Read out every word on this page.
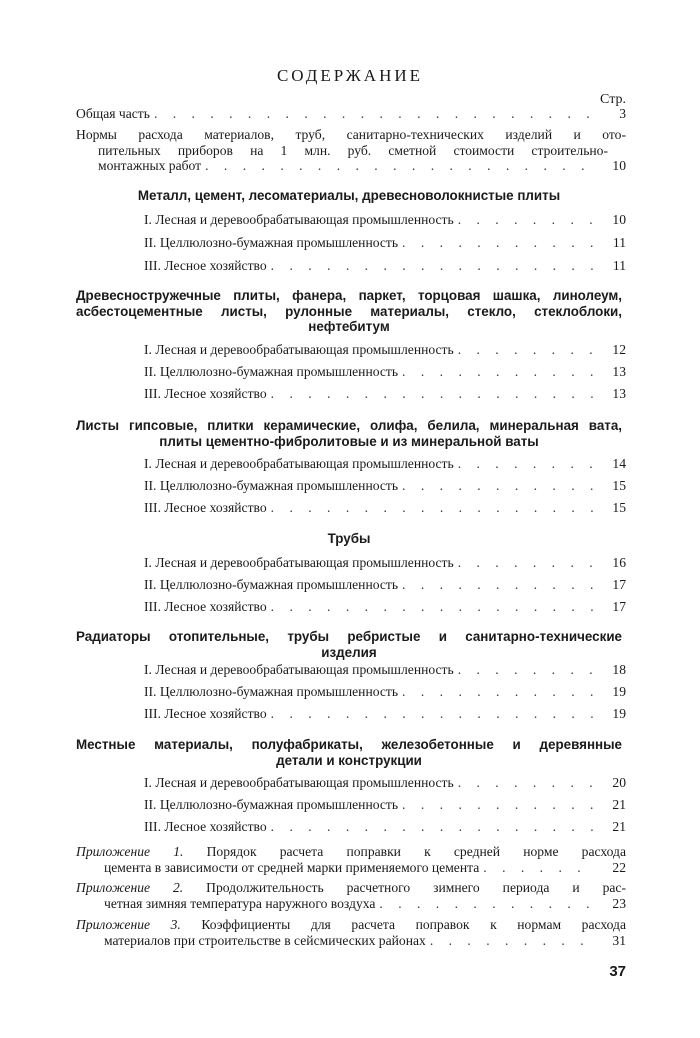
СОДЕРЖАНИЕ
Стр.
Общая часть . . .	3
Нормы расхода материалов, труб, санитарно-технических изделий и ото-
пительных приборов на 1 млн. руб. сметной стоимости строительно-
монтажных работ . . .	10
Металл, цемент, лесоматериалы, древесноволокнистые плиты
I. Лесная и деревообрабатывающая промышленность . . .	10
II. Целлюлозно-бумажная промышленность . . .	11
III. Лесное хозяйство . . .	11
Древесностружечные плиты, фанера, паркет, торцовая шашка, линолеум,
асбестоцементные листы, рулонные материалы, стекло, стеклоблоки,
нефтебитум
I. Лесная и деревообрабатывающая промышленность . . .	12
II. Целлюлозно-бумажная промышленность . . .	13
III. Лесное хозяйство . . .	13
Листы гипсовые, плитки керамические, олифа, белила, минеральная вата,
плиты цементно-фибролитовые и из минеральной ваты
I. Лесная и деревообрабатывающая промышленность . . .	14
II. Целлюлозно-бумажная промышленность . . .	15
III. Лесное хозяйство . . .	15
Трубы
I. Лесная и деревообрабатывающая промышленность . . .	16
II. Целлюлозно-бумажная промышленность . . .	17
III. Лесное хозяйство . . .	17
Радиаторы отопительные, трубы ребристые и санитарно-технические
изделия
I. Лесная и деревообрабатывающая промышленность . . .	18
II. Целлюлозно-бумажная промышленность . . .	19
III. Лесное хозяйство . . .	19
Местные материалы, полуфабрикаты, железобетонные и деревянные
детали и конструкции
I. Лесная и деревообрабатывающая промышленность . . .	20
II. Целлюлозно-бумажная промышленность . . .	21
III. Лесное хозяйство . . .	21
Приложение 1. Порядок расчета поправки к средней норме расхода
цемента в зависимости от средней марки применяемого цемента . . .	22
Приложение 2. Продолжительность расчетного зимнего периода и рас-
четная зимняя температура наружного воздуха . . .	23
Приложение 3. Коэффициенты для расчета поправок к нормам расхода
материалов при строительстве в сейсмических районах . . .	31
37
